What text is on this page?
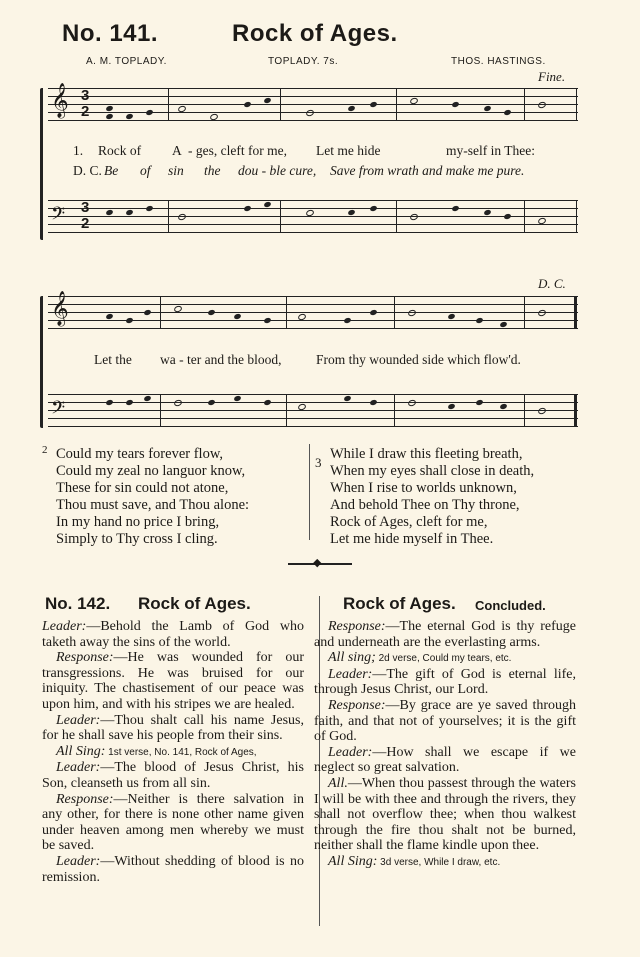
No. 141.	Rock of Ages.
A. M. TOPLADY.	TOPLADY. 7s.	THOS. HASTINGS.
Fine.
𝄞 3
2
1. Rock of A - ges, cleft for me, Let me hide	my-self in Thee:
D. C. Be of sin the dou - ble cure, Save from wrath and make me pure.
𝄢 3
2
D. C.
𝄞
Let the wa - ter and the blood,	From thy wounded side which flow'd.
𝄢
2 Could my tears forever flow,
Could my zeal no languor know,
These for sin could not atone,
Thou must save, and Thou alone:
In my hand no price I bring,
Simply to Thy cross I cling.
3
While I draw this fleeting breath,
When my eyes shall close in death,
When I rise to worlds unknown,
And behold Thee on Thy throne,
Rock of Ages, cleft for me,
Let me hide myself in Thee.
◆
No. 142. Rock of Ages.	Rock of Ages. Concluded.
Leader:—Behold the Lamb of God who taketh away the sins of the world.
Response:—He was wounded for our transgressions. He was bruised for our iniquity. The chastisement of our peace was upon him, and with his stripes we are healed.
Leader:—Thou shalt call his name Jesus, for he shall save his people from their sins.
All Sing: 1st verse, No. 141, Rock of Ages,
Leader:—The blood of Jesus Christ, his Son, cleanseth us from all sin.
Response:—Neither is there salvation in any other, for there is none other name given under heaven among men whereby we must be saved.
Leader:—Without shedding of blood is no remission.
Response:—The eternal God is thy refuge and underneath are the everlasting arms.
All sing; 2d verse, Could my tears, etc.
Leader:—The gift of God is eternal life, through Jesus Christ, our Lord.
Response:—By grace are ye saved through faith, and that not of yourselves; it is the gift of God.
Leader:—How shall we escape if we neglect so great salvation.
All.—When thou passest through the waters I will be with thee and through the rivers, they shall not overflow thee; when thou walkest through the fire thou shalt not be burned, neither shall the flame kindle upon thee.
All Sing: 3d verse, While I draw, etc.
